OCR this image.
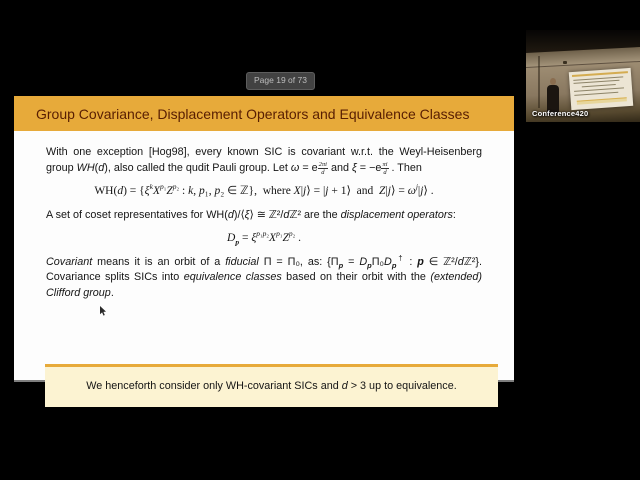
Page 19 of 73
Group Covariance, Displacement Operators and Equivalence Classes

With one exception [Hog98], every known SIC is covariant w.r.t. the Weyl-Heisenberg group WH(d), also called the qudit Pauli group. Let ω = e $\frac{2\pi i}{d}$ and $\xi = -e \frac{\pi i}{d}$ . Then

$WH(d) = \{\xi^kX^{p_1}Z^{p_2}$ : k, p₁, p₂ ∈ ℤ},  where X|j⟩ = |j + 1⟩  and  Z|j⟩ = $\omega^j|j⟩$ .

A set of coset representatives for WH(d)/⟨ξ⟩ ≅ ℤ²/dℤ² are the displacement operators:

$D_p = \xi^{p_1p_2}X^{p_1}Z^{p_2}$ .

Covariant means it is an orbit of a fiducial Π = Π₀, as: {$\Pi_p = D_p\Pi_0D_p^\dagger$ : p ∈ ℤ²/dℤ²}. Covariance splits SICs into equivalence classes based on their orbit with the (extended) Clifford group.

We henceforth consider only WH-covariant SICs and d > 3 up to equivalence.
Conference420
